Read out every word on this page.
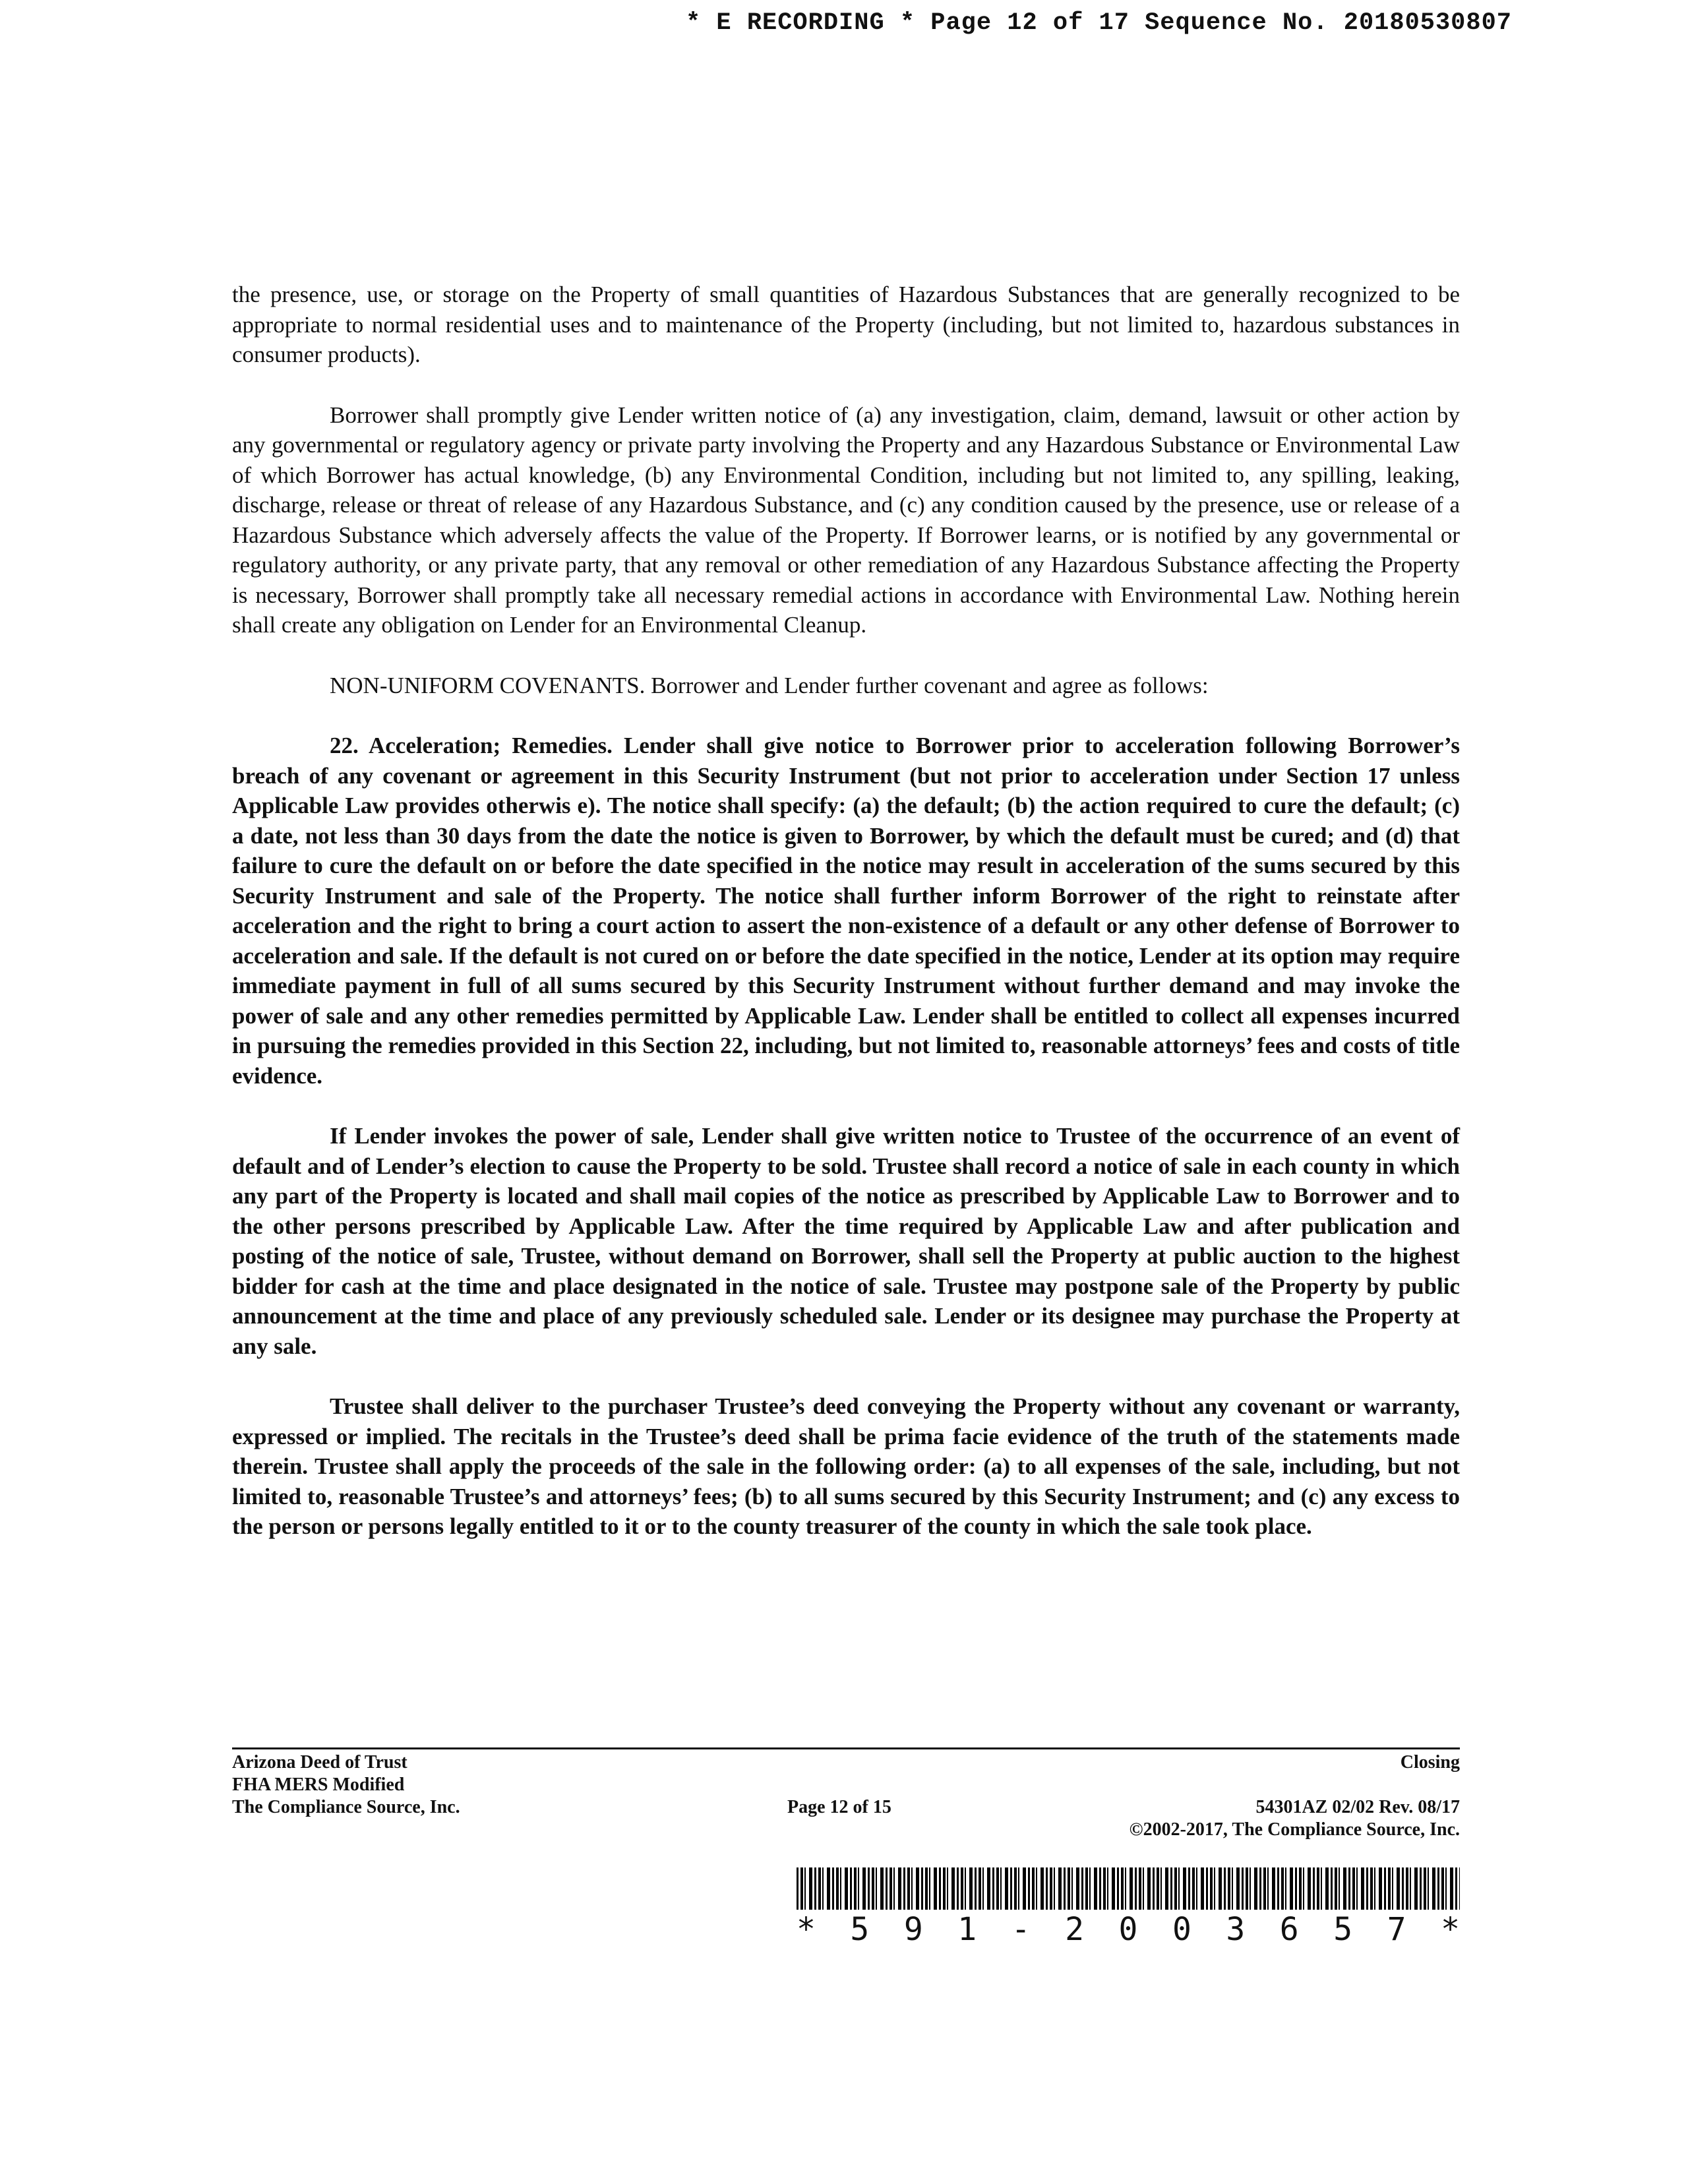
* E RECORDING * Page 12 of 17 Sequence No. 20180530807

the presence, use, or storage on the Property of small quantities of Hazardous Substances that are generally recognized to be appropriate to normal residential uses and to maintenance of the Property (including, but not limited to, hazardous substances in consumer products).

Borrower shall promptly give Lender written notice of (a) any investigation, claim, demand, lawsuit or other action by any governmental or regulatory agency or private party involving the Property and any Hazardous Substance or Environmental Law of which Borrower has actual knowledge, (b) any Environmental Condition, including but not limited to, any spilling, leaking, discharge, release or threat of release of any Hazardous Substance, and (c) any condition caused by the presence, use or release of a Hazardous Substance which adversely affects the value of the Property. If Borrower learns, or is notified by any governmental or regulatory authority, or any private party, that any removal or other remediation of any Hazardous Substance affecting the Property is necessary, Borrower shall promptly take all necessary remedial actions in accordance with Environmental Law. Nothing herein shall create any obligation on Lender for an Environmental Cleanup.

NON-UNIFORM COVENANTS. Borrower and Lender further covenant and agree as follows:

22. Acceleration; Remedies. Lender shall give notice to Borrower prior to acceleration following Borrower’s breach of any covenant or agreement in this Security Instrument (but not prior to acceleration under Section 17 unless Applicable Law provides otherwis e). The notice shall specify: (a) the default; (b) the action required to cure the default; (c) a date, not less than 30 days from the date the notice is given to Borrower, by which the default must be cured; and (d) that failure to cure the default on or before the date specified in the notice may result in acceleration of the sums secured by this Security Instrument and sale of the Property. The notice shall further inform Borrower of the right to reinstate after acceleration and the right to bring a court action to assert the non-existence of a default or any other defense of Borrower to acceleration and sale. If the default is not cured on or before the date specified in the notice, Lender at its option may require immediate payment in full of all sums secured by this Security Instrument without further demand and may invoke the power of sale and any other remedies permitted by Applicable Law. Lender shall be entitled to collect all expenses incurred in pursuing the remedies provided in this Section 22, including, but not limited to, reasonable attorneys’ fees and costs of title evidence.

If Lender invokes the power of sale, Lender shall give written notice to Trustee of the occurrence of an event of default and of Lender’s election to cause the Property to be sold. Trustee shall record a notice of sale in each county in which any part of the Property is located and shall mail copies of the notice as prescribed by Applicable Law to Borrower and to the other persons prescribed by Applicable Law. After the time required by Applicable Law and after publication and posting of the notice of sale, Trustee, without demand on Borrower, shall sell the Property at public auction to the highest bidder for cash at the time and place designated in the notice of sale. Trustee may postpone sale of the Property by public announcement at the time and place of any previously scheduled sale. Lender or its designee may purchase the Property at any sale.

Trustee shall deliver to the purchaser Trustee’s deed conveying the Property without any covenant or warranty, expressed or implied. The recitals in the Trustee’s deed shall be prima facie evidence of the truth of the statements made therein. Trustee shall apply the proceeds of the sale in the following order: (a) to all expenses of the sale, including, but not limited to, reasonable Trustee’s and attorneys’ fees; (b) to all sums secured by this Security Instrument; and (c) any excess to the person or persons legally entitled to it or to the county treasurer of the county in which the sale took place.

Arizona Deed of Trust
FHA MERS Modified
The Compliance Source, Inc.
Closing
Page 12 of 15	54301AZ 02/02 Rev. 08/17
©2002-2017, The Compliance Source, Inc.
* 5 9 1 - 2 0 0 3 6 5 7 *
